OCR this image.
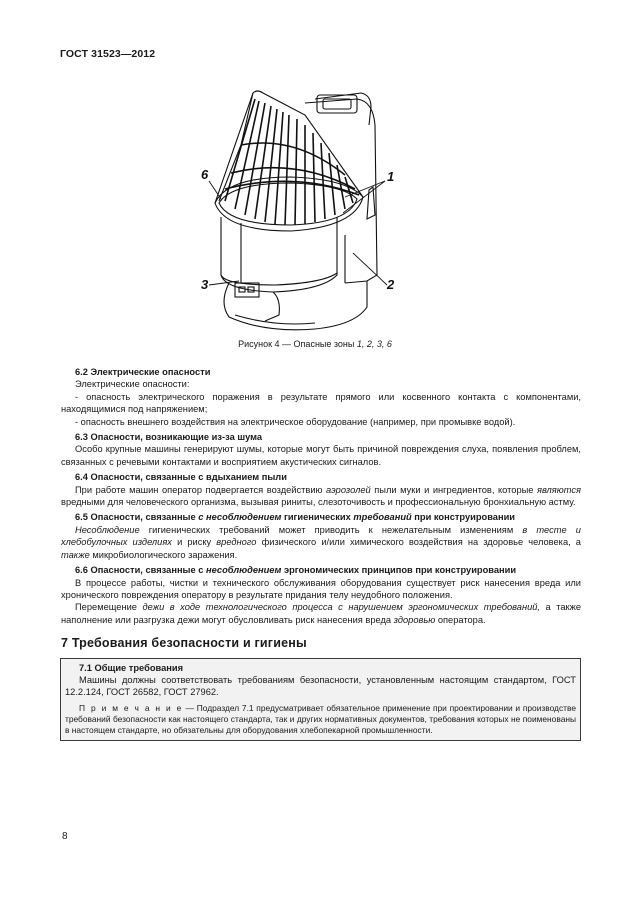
ГОСТ 31523—2012
6	1
2
3
Рисунок 4 — Опасные зоны 1, 2, 3, 6

6.2 Электрические опасности

Электрические опасности:

- опасность электрического поражения в результате прямого или косвенного контакта с компонентами, находящимися под напряжением;

- опасность внешнего воздействия на электрическое оборудование (например, при промывке водой).

6.3 Опасности, возникающие из-за шума

Особо крупные машины генерируют шумы, которые могут быть причиной повреждения слуха, появления проблем, связанных с речевыми контактами и восприятием акустических сигналов.

6.4 Опасности, связанные с вдыханием пыли

При работе машин оператор подвергается воздействию аэрозолей пыли муки и ингредиентов, которые являются вредными для человеческого организма, вызывая риниты, слезоточивость и профессиональную бронхиальную астму.

6.5 Опасности, связанные с несоблюдением гигиенических требований при конструировании

Несоблюдение гигиенических требований может приводить к нежелательным изменениям в тесте и хлебобулочных изделиях и риску вредного физического и/или химического воздействия на здоровье человека, а также микробиологического заражения.

6.6 Опасности, связанные с несоблюдением эргономических принципов при конструировании

В процессе работы, чистки и технического обслуживания оборудования существует риск нанесения вреда или хронического повреждения оператору в результате придания телу неудобного положения.

Перемещение дежи в ходе технологического процесса с нарушением эргономических требований, а также наполнение или разгрузка дежи могут обусловливать риск нанесения вреда здоровью оператора.

7 Требования безопасности и гигиены

7.1 Общие требования

Машины должны соответствовать требованиям безопасности, установленным настоящим стандартом, ГОСТ 12.2.124, ГОСТ 26582, ГОСТ 27962.

П р и м е ч а н и е — Подраздел 7.1 предусматривает обязательное применение при проектировании и производстве требований безопасности как настоящего стандарта, так и других нормативных документов, требования которых не поименованы в настоящем стандарте, но обязательны для оборудования хлебопекарной промышленности.

8
